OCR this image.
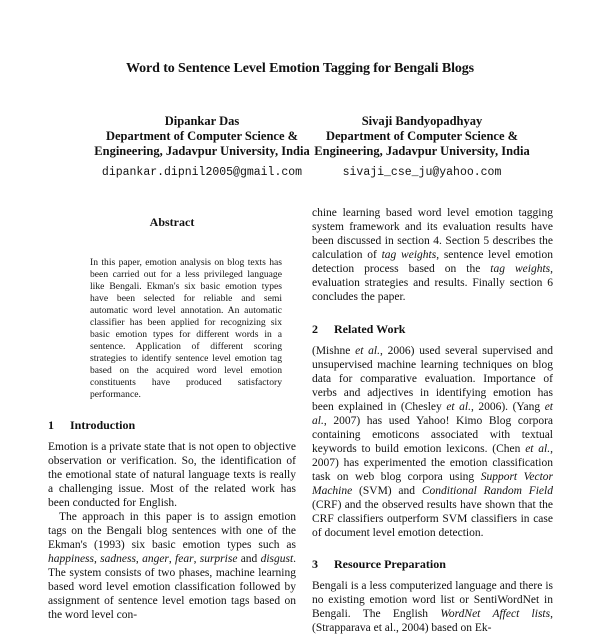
Word to Sentence Level Emotion Tagging for Bengali Blogs
Dipankar Das
Department of Computer Science &
Engineering, Jadavpur University, India
dipankar.dipnil2005@gmail.com
Sivaji Bandyopadhyay
Department of Computer Science &
Engineering, Jadavpur University, India
sivaji_cse_ju@yahoo.com
Abstract

In this paper, emotion analysis on blog texts has been carried out for a less privileged language like Bengali. Ekman's six basic emotion types have been selected for reliable and semi automatic word level annotation. An automatic classifier has been applied for recognizing six basic emotion types for different words in a sentence. Application of different scoring strategies to identify sentence level emotion tag based on the acquired word level emotion constituents have produced satisfactory performance.

1	Introduction

Emotion is a private state that is not open to objective observation or verification. So, the identification of the emotional state of natural language texts is really a challenging issue. Most of the related work has been conducted for English.

The approach in this paper is to assign emotion tags on the Bengali blog sentences with one of the Ekman's (1993) six basic emotion types such as happiness, sadness, anger, fear, surprise and disgust. The system consists of two phases, machine learning based word level emotion classification followed by assignment of sentence level emotion tags based on the word level con-

chine learning based word level emotion tagging system framework and its evaluation results have been discussed in section 4. Section 5 describes the calculation of tag weights, sentence level emotion detection process based on the tag weights, evaluation strategies and results. Finally section 6 concludes the paper.

2	Related Work

(Mishne et al., 2006) used several supervised and unsupervised machine learning techniques on blog data for comparative evaluation. Importance of verbs and adjectives in identifying emotion has been explained in (Chesley et al., 2006). (Yang et al., 2007) has used Yahoo! Kimo Blog corpora containing emoticons associated with textual keywords to build emotion lexicons. (Chen et al., 2007) has experimented the emotion classification task on web blog corpora using Support Vector Machine (SVM) and Conditional Random Field (CRF) and the observed results have shown that the CRF classifiers outperform SVM classifiers in case of document level emotion detection.

3	Resource Preparation

Bengali is a less computerized language and there is no existing emotion word list or SentiWordNet in Bengali. The English WordNet Affect lists, (Strapparava et al., 2004) based on Ek-
